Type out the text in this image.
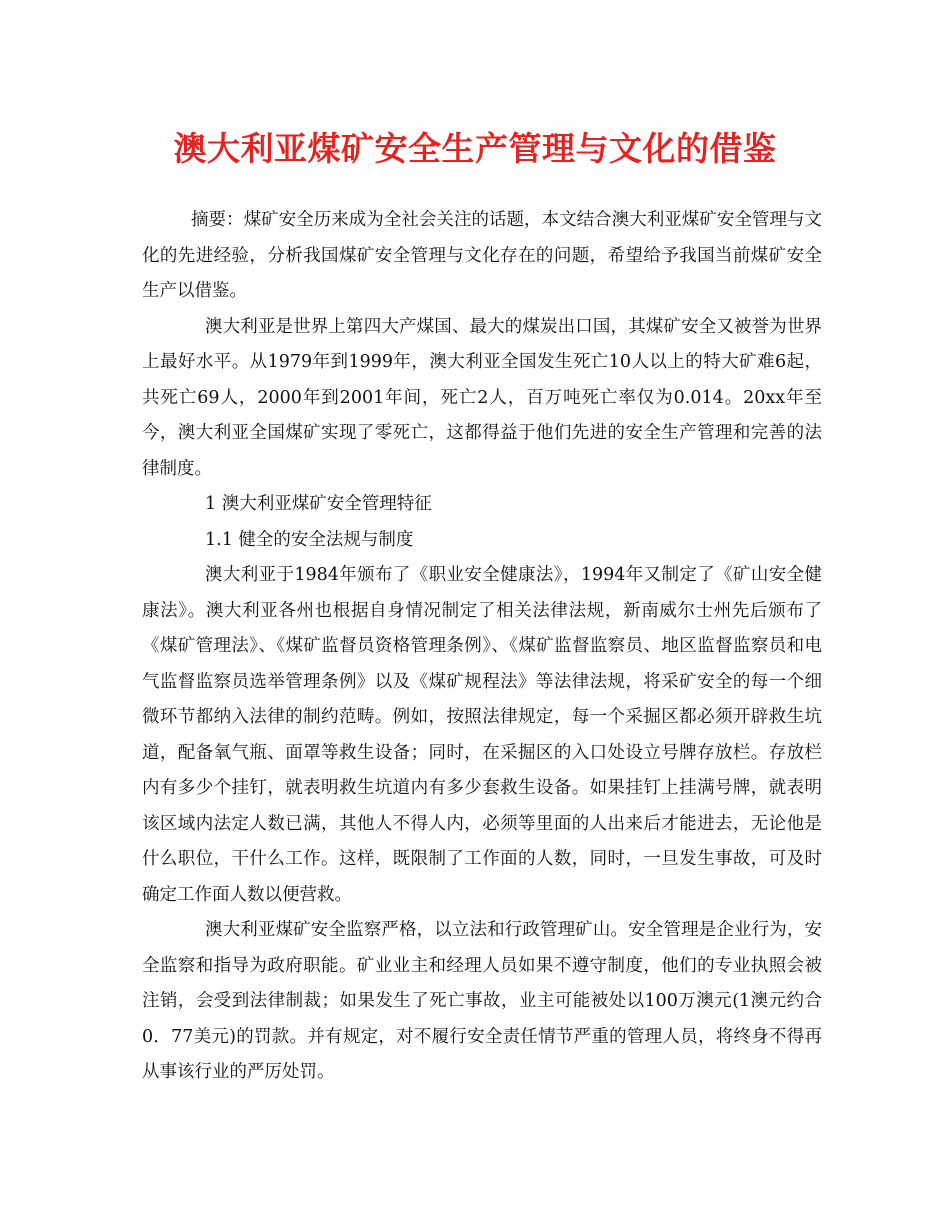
澳大利亚煤矿安全生产管理与文化的借鉴

摘要：煤矿安全历来成为全社会关注的话题，本文结合澳大利亚煤矿安全管理与文化的先进经验，分析我国煤矿安全管理与文化存在的问题，希望给予我国当前煤矿安全生产以借鉴。

澳大利亚是世界上第四大产煤国、最大的煤炭出口国，其煤矿安全又被誉为世界上最好水平。从1979年到1999年，澳大利亚全国发生死亡10人以上的特大矿难6起，共死亡69人，2000年到2001年间，死亡2人，百万吨死亡率仅为0.014。20xx年至今，澳大利亚全国煤矿实现了零死亡，这都得益于他们先进的安全生产管理和完善的法律制度。

1 澳大利亚煤矿安全管理特征

1.1 健全的安全法规与制度

澳大利亚于1984年颁布了《职业安全健康法》，1994年又制定了《矿山安全健康法》。澳大利亚各州也根据自身情况制定了相关法律法规，新南威尔士州先后颁布了《煤矿管理法》、《煤矿监督员资格管理条例》、《煤矿监督监察员、地区监督监察员和电气监督监察员选举管理条例》以及《煤矿规程法》等法律法规，将采矿安全的每一个细微环节都纳入法律的制约范畴。例如，按照法律规定，每一个采掘区都必须开辟救生坑道，配备氧气瓶、面罩等救生设备；同时，在采掘区的入口处设立号牌存放栏。存放栏内有多少个挂钉，就表明救生坑道内有多少套救生设备。如果挂钉上挂满号牌，就表明该区域内法定人数已满，其他人不得人内，必须等里面的人出来后才能进去，无论他是什么职位，干什么工作。这样，既限制了工作面的人数，同时，一旦发生事故，可及时确定工作面人数以便营救。

澳大利亚煤矿安全监察严格，以立法和行政管理矿山。安全管理是企业行为，安全监察和指导为政府职能。矿业业主和经理人员如果不遵守制度，他们的专业执照会被注销，会受到法律制裁；如果发生了死亡事故，业主可能被处以100万澳元(1澳元约合0．77美元)的罚款。并有规定，对不履行安全责任情节严重的管理人员，将终身不得再从事该行业的严厉处罚。
